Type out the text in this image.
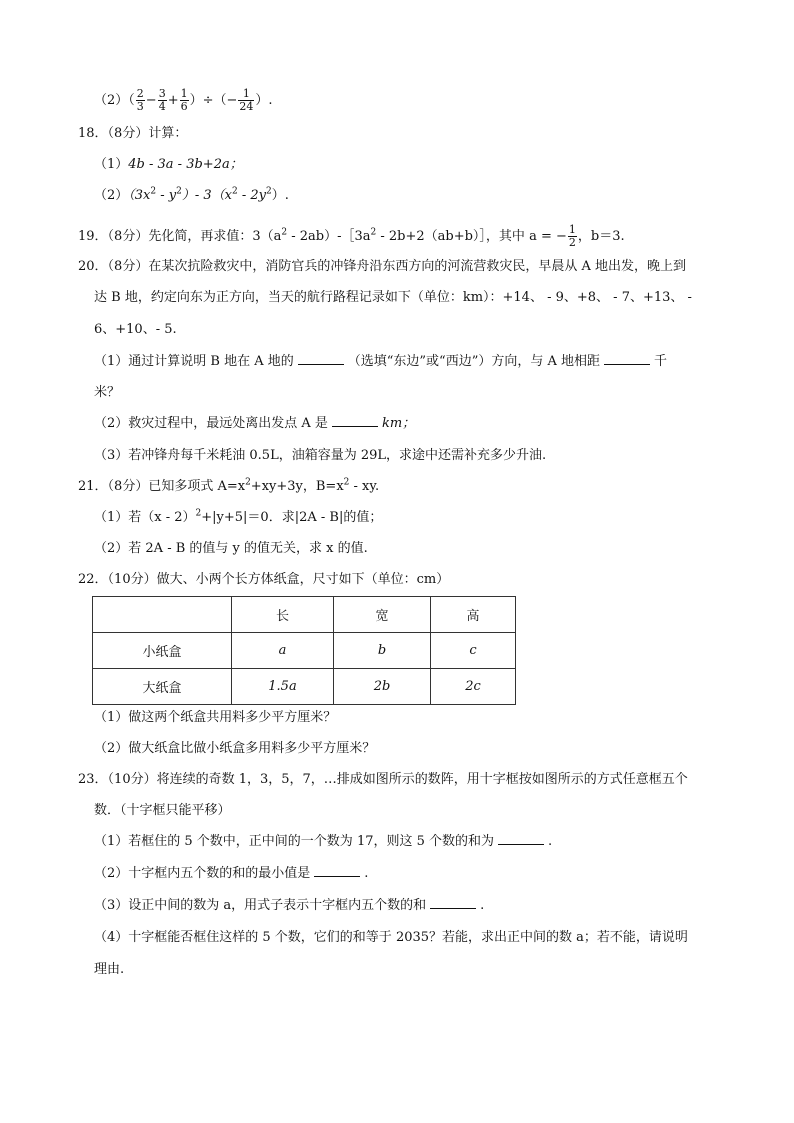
$(2)( \frac{2}{3} - \frac{3}{4} + \frac{1}{6}$ ）÷（− $\frac{1}{24}$ ）.
18．（8分）计算：
（1）4b - 3a - 3b+2a；
$(2)(3x^2 - y^2)-$ $3(x^2 - 2y^2)$.
19．（8分）先化简，再求值：$3(a^2$ - $2ab)-[3a^2$ - 2b+2（ab+b）］，其中 a = − $\frac{1}{2}$ ，b＝3.
20．（8分）在某次抗险救灾中，消防官兵的冲锋舟沿东西方向的河流营救灾民，早晨从 A 地出发，晚上到
达 B 地，约定向东为正方向，当天的航行路程记录如下（单位：km）：+14、 - 9、+8、 - 7、+13、 -
6、+10、- 5.
（1）通过计算说明 B 地在 A 地的	（选填“东边”或“西边”）方向，与 A 地相距	千
米？
（2）救灾过程中，最远处离出发点 A 是	km；
（3）若冲锋舟每千米耗油 0.5L，油箱容量为 29L，求途中还需补充多少升油.
21．（8分）已知多项式 $A=x^2+xy+3y$，$B=x^2$ - xy.
（1）若（x - 2）$^2$+|y+5|＝0．求|2A - B|的值；
（2）若 2A - B 的值与 y 的值无关，求 x 的值.
22．（10分）做大、小两个长方体纸盒，尺寸如下（单位：cm）
	长	宽	高
小纸盒	a	b	c
大纸盒	1.5a	2b	2c
（1）做这两个纸盒共用料多少平方厘米？
（2）做大纸盒比做小纸盒多用料多少平方厘米？
23．（10分）将连续的奇数 1，3，5，7，…排成如图所示的数阵，用十字框按如图所示的方式任意框五个
数．（十字框只能平移）
（1）若框住的 5 个数中，正中间的一个数为 17，则这 5 个数的和为	.
（2）十字框内五个数的和的最小值是	.
（3）设正中间的数为 a，用式子表示十字框内五个数的和	.
（4）十字框能否框住这样的 5 个数，它们的和等于 2035？若能，求出正中间的数 a；若不能，请说明
理由.
